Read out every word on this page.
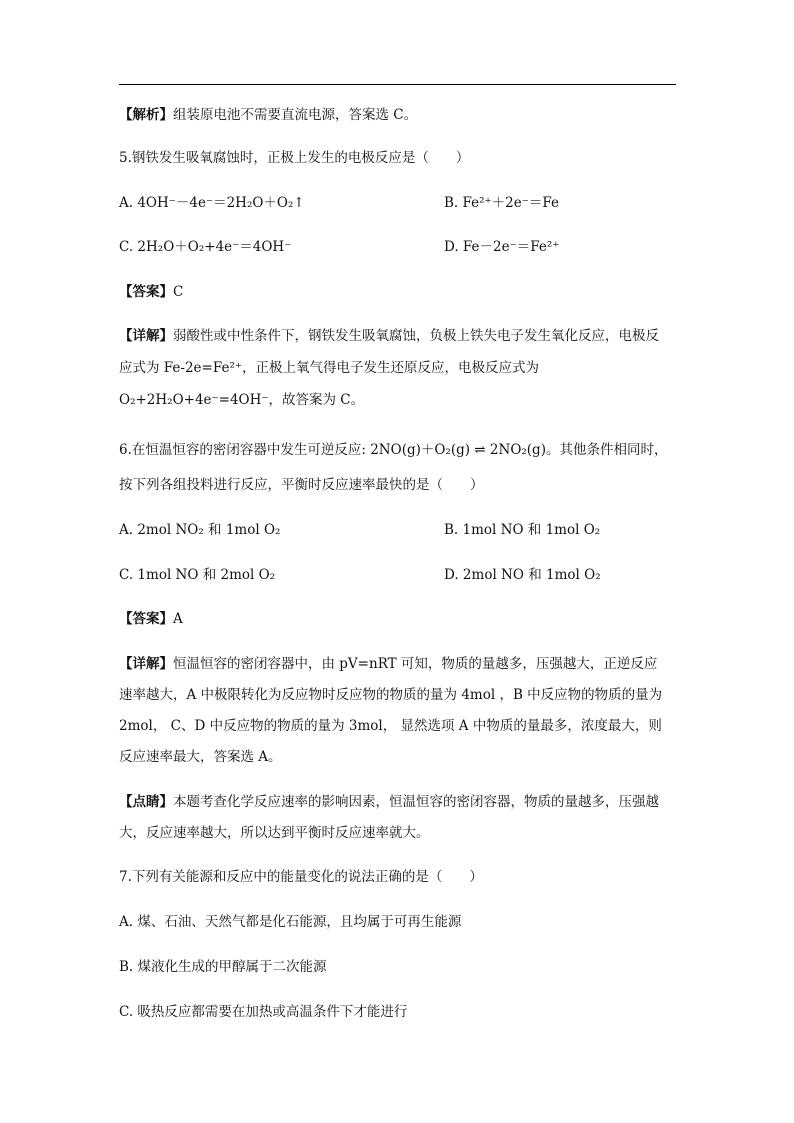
【解析】组装原电池不需要直流电源，答案选 C。
5.钢铁发生吸氧腐蚀时，正极上发生的电极反应是（　　）
A. 4OH⁻－4e⁻＝2H₂O＋O₂↑	B. Fe²⁺＋2e⁻＝Fe
C. 2H₂O＋O₂+4e⁻＝4OH⁻	D. Fe－2e⁻＝Fe²⁺
【答案】C
【详解】弱酸性或中性条件下，钢铁发生吸氧腐蚀，负极上铁失电子发生氧化反应，电极反
应式为 Fe-2e=Fe²⁺，正极上氧气得电子发生还原反应，电极反应式为
O₂+2H₂O+4e⁻=4OH⁻，故答案为 C。
6.在恒温恒容的密闭容器中发生可逆反应: 2NO(g)＋O₂(g) ⇌ 2NO₂(g)。其他条件相同时，
按下列各组投料进行反应，平衡时反应速率最快的是（　　）
A. 2mol NO₂ 和 1mol O₂	B. 1mol NO 和 1mol O₂
C. 1mol NO 和 2mol O₂	D. 2mol NO 和 1mol O₂
【答案】A
【详解】恒温恒容的密闭容器中，由 pV=nRT 可知，物质的量越多，压强越大，正逆反应
速率越大，A 中极限转化为反应物时反应物的物质的量为 4mol ，B 中反应物的物质的量为
2mol， C、D 中反应物的物质的量为 3mol， 显然选项 A 中物质的量最多，浓度最大，则
反应速率最大，答案选 A。
【点睛】本题考查化学反应速率的影响因素，恒温恒容的密闭容器，物质的量越多，压强越
大，反应速率越大，所以达到平衡时反应速率就大。
7.下列有关能源和反应中的能量变化的说法正确的是（　　）
A. 煤、石油、天然气都是化石能源，且均属于可再生能源
B. 煤液化生成的甲醇属于二次能源
C. 吸热反应都需要在加热或高温条件下才能进行
